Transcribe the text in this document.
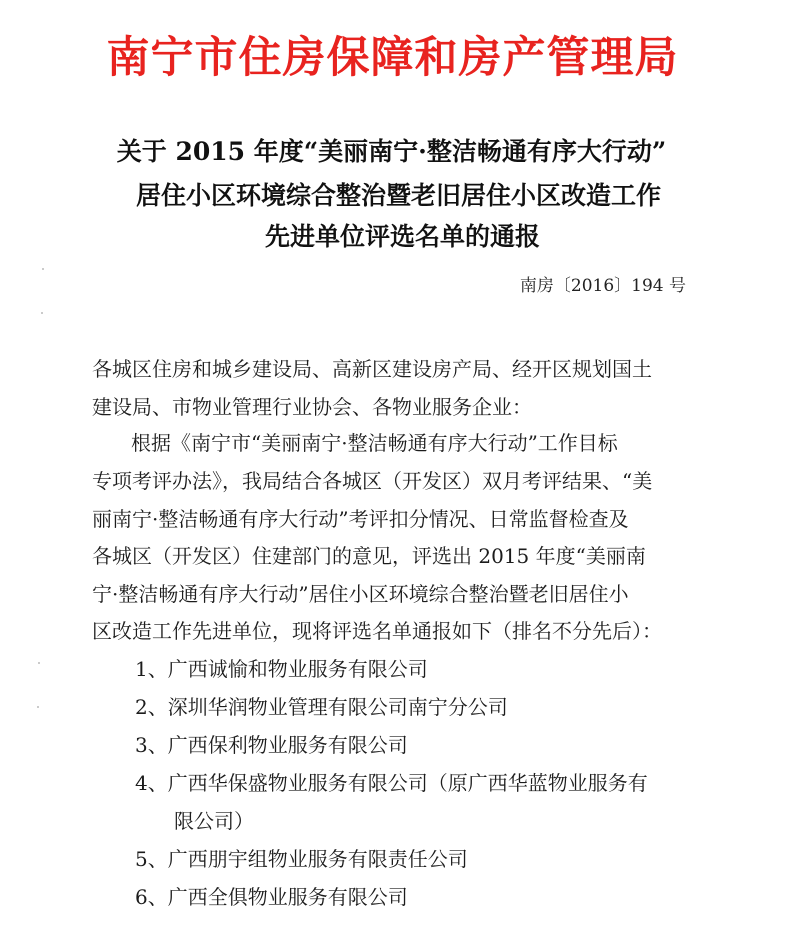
南宁市住房保障和房产管理局
关于 2015 年度“美丽南宁·整洁畅通有序大行动”
居住小区环境综合整治暨老旧居住小区改造工作
先进单位评选名单的通报
南房〔2016〕194 号
各城区住房和城乡建设局、高新区建设房产局、经开区规划国土
建设局、市物业管理行业协会、各物业服务企业：
根据《南宁市“美丽南宁·整洁畅通有序大行动”工作目标
专项考评办法》，我局结合各城区（开发区）双月考评结果、“美
丽南宁·整洁畅通有序大行动”考评扣分情况、日常监督检查及
各城区（开发区）住建部门的意见，评选出 2015 年度“美丽南
宁·整洁畅通有序大行动”居住小区环境综合整治暨老旧居住小
区改造工作先进单位，现将评选名单通报如下（排名不分先后）：
1、广西诚愉和物业服务有限公司
2、深圳华润物业管理有限公司南宁分公司
3、广西保利物业服务有限公司
4、广西华保盛物业服务有限公司（原广西华蓝物业服务有
限公司）
5、广西朋宇组物业服务有限责任公司
6、广西全俱物业服务有限公司
